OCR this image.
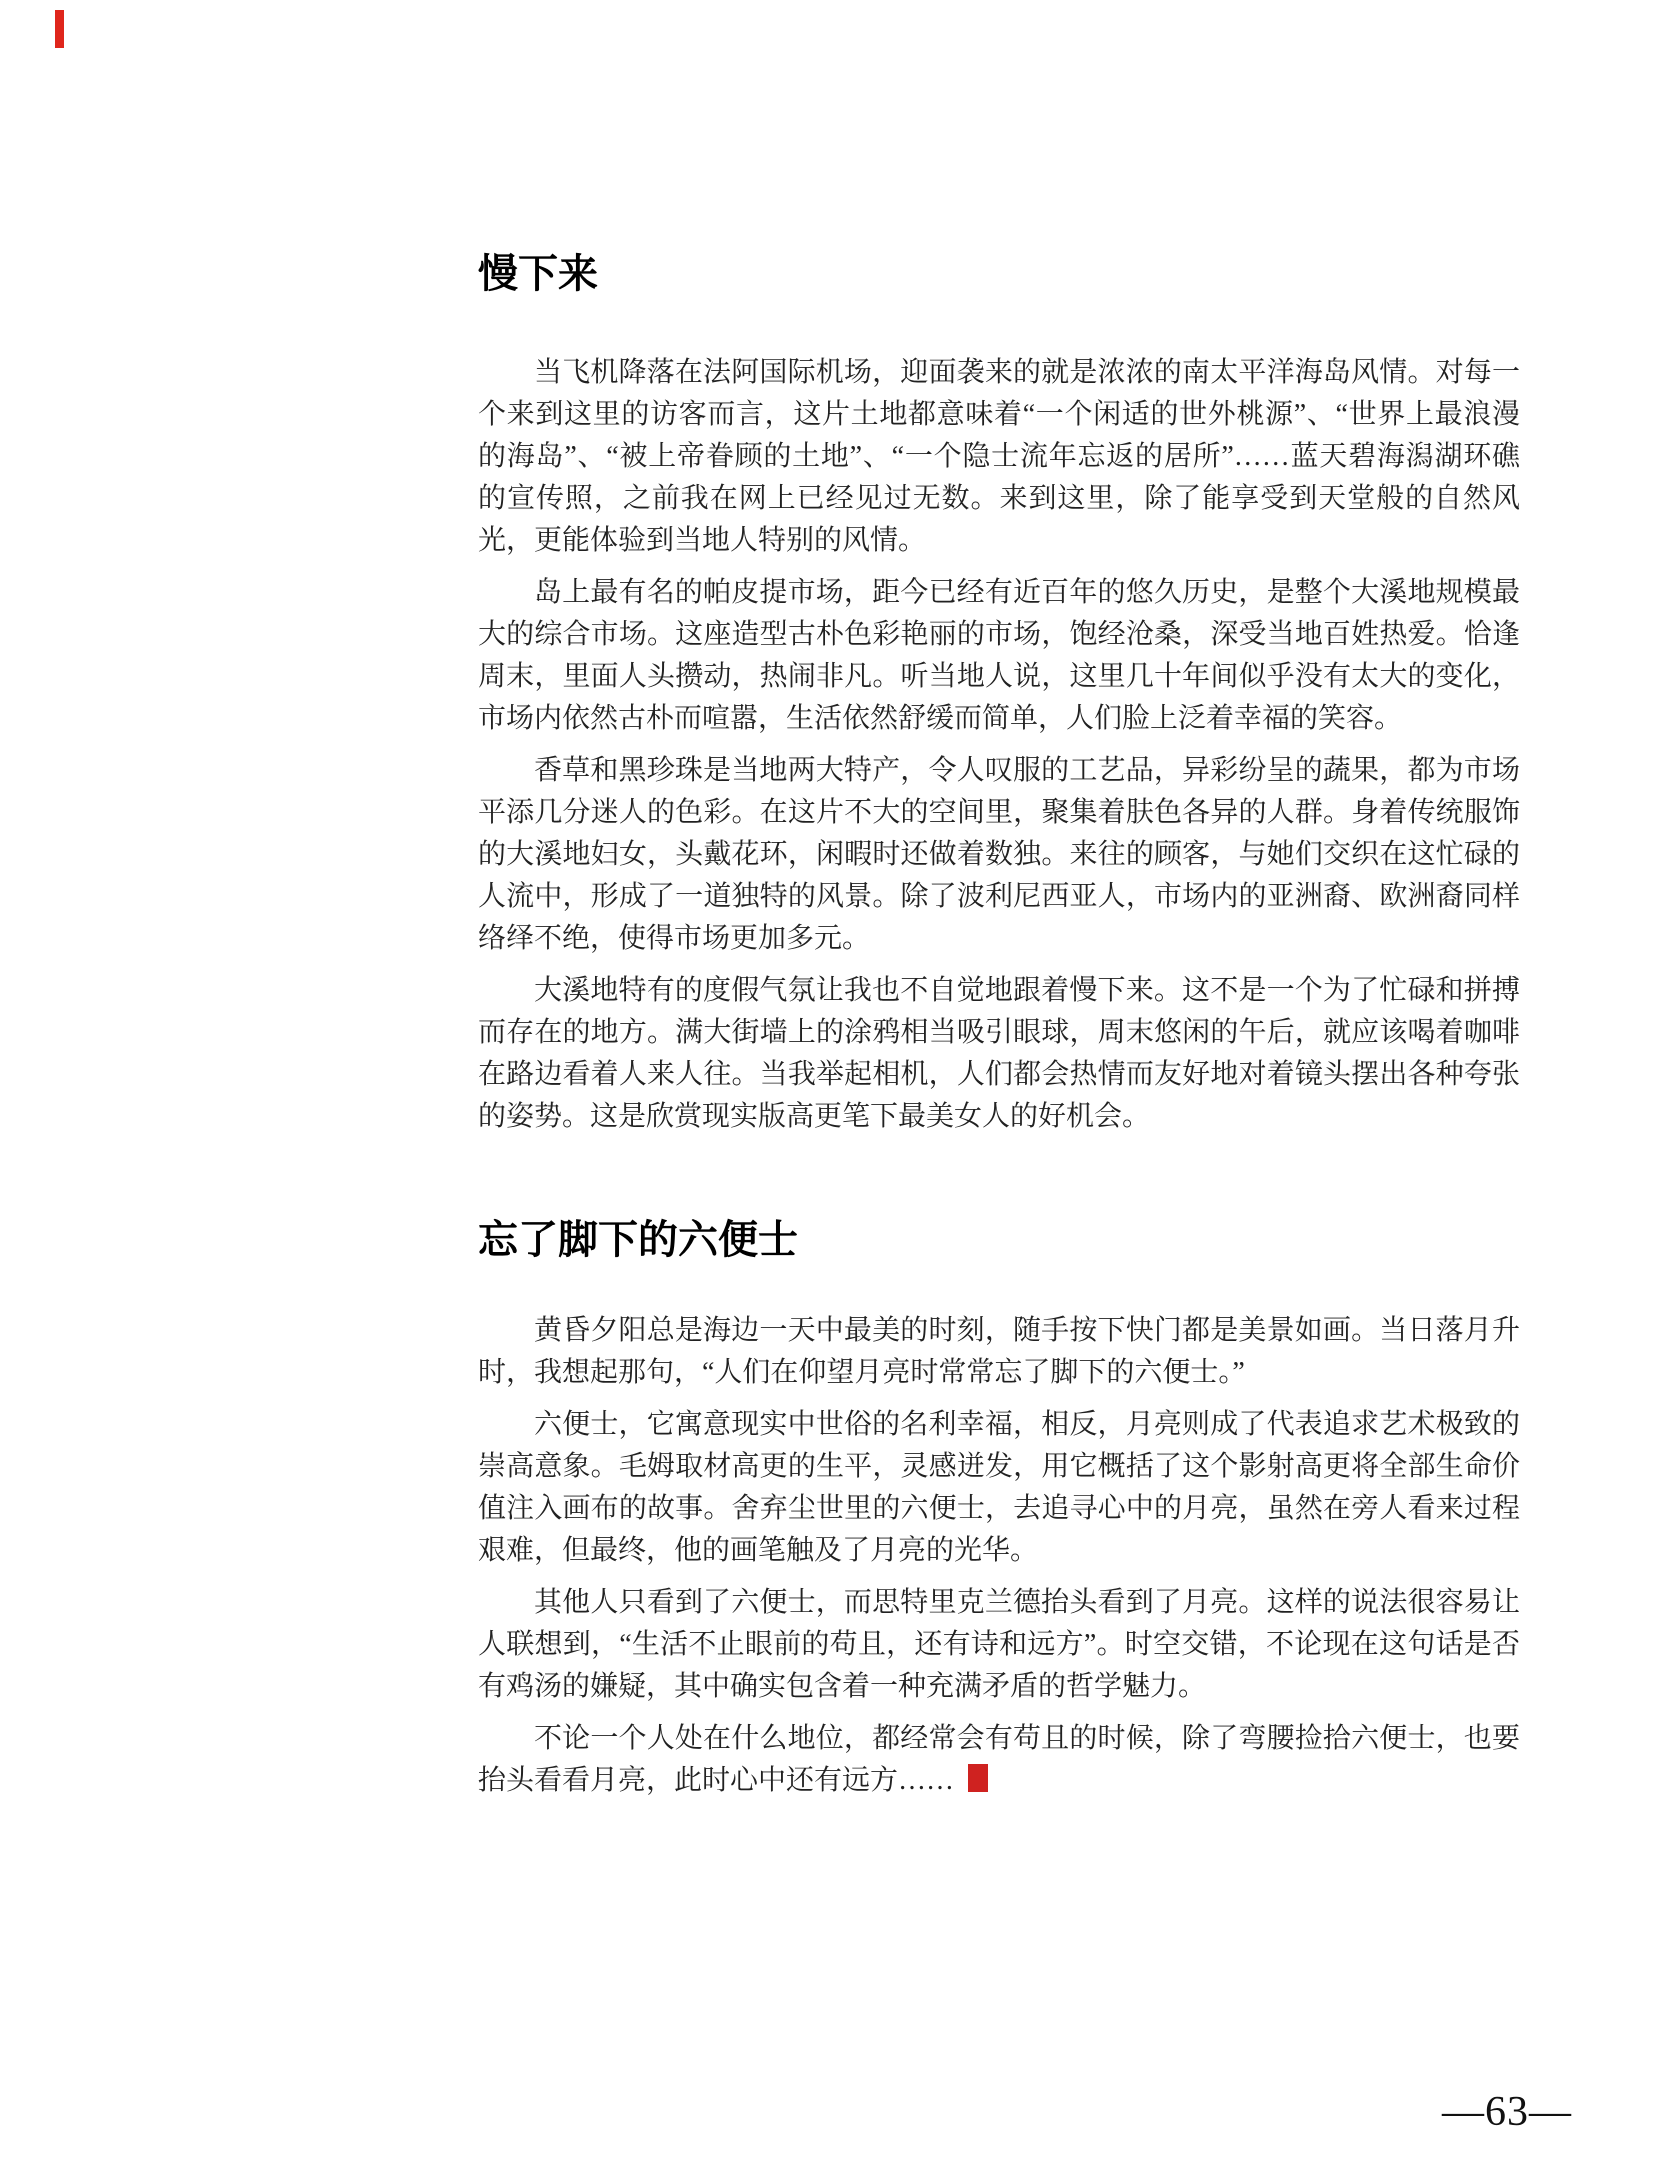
慢下来

当飞机降落在法阿国际机场，迎面袭来的就是浓浓的南太平洋海岛风情。对每一个来到这里的访客而言，这片土地都意味着“一个闲适的世外桃源”、“世界上最浪漫的海岛”、“被上帝眷顾的土地”、“一个隐士流年忘返的居所”……蓝天碧海潟湖环礁的宣传照，之前我在网上已经见过无数。来到这里，除了能享受到天堂般的自然风光，更能体验到当地人特别的风情。

岛上最有名的帕皮提市场，距今已经有近百年的悠久历史，是整个大溪地规模最大的综合市场。这座造型古朴色彩艳丽的市场，饱经沧桑，深受当地百姓热爱。恰逢周末，里面人头攒动，热闹非凡。听当地人说，这里几十年间似乎没有太大的变化，市场内依然古朴而喧嚣，生活依然舒缓而简单，人们脸上泛着幸福的笑容。

香草和黑珍珠是当地两大特产，令人叹服的工艺品，异彩纷呈的蔬果，都为市场平添几分迷人的色彩。在这片不大的空间里，聚集着肤色各异的人群。身着传统服饰的大溪地妇女，头戴花环，闲暇时还做着数独。来往的顾客，与她们交织在这忙碌的人流中，形成了一道独特的风景。除了波利尼西亚人，市场内的亚洲裔、欧洲裔同样络绎不绝，使得市场更加多元。

大溪地特有的度假气氛让我也不自觉地跟着慢下来。这不是一个为了忙碌和拼搏而存在的地方。满大街墙上的涂鸦相当吸引眼球，周末悠闲的午后，就应该喝着咖啡在路边看着人来人往。当我举起相机，人们都会热情而友好地对着镜头摆出各种夸张的姿势。这是欣赏现实版高更笔下最美女人的好机会。

忘了脚下的六便士

黄昏夕阳总是海边一天中最美的时刻，随手按下快门都是美景如画。当日落月升时，我想起那句，“人们在仰望月亮时常常忘了脚下的六便士。”

六便士，它寓意现实中世俗的名利幸福，相反，月亮则成了代表追求艺术极致的崇高意象。毛姆取材高更的生平，灵感迸发，用它概括了这个影射高更将全部生命价值注入画布的故事。舍弃尘世里的六便士，去追寻心中的月亮，虽然在旁人看来过程艰难，但最终，他的画笔触及了月亮的光华。

其他人只看到了六便士，而思特里克兰德抬头看到了月亮。这样的说法很容易让人联想到，“生活不止眼前的苟且，还有诗和远方”。时空交错，不论现在这句话是否有鸡汤的嫌疑，其中确实包含着一种充满矛盾的哲学魅力。

不论一个人处在什么地位，都经常会有苟且的时候，除了弯腰捡拾六便士，也要抬头看看月亮，此时心中还有远方……

—63—
